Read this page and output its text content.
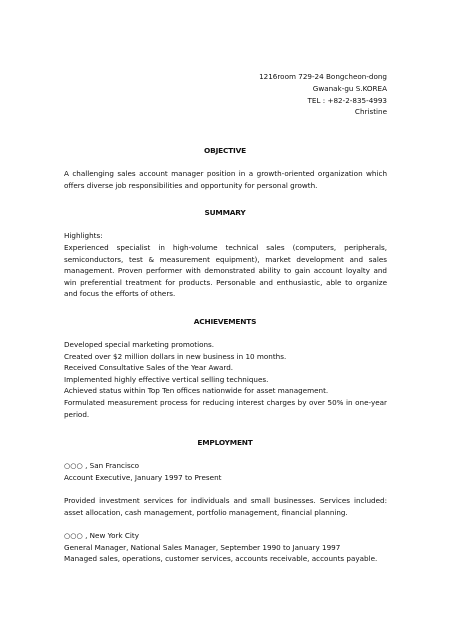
1216room 729-24 Bongcheon-dong
Gwanak-gu S.KOREA
TEL : +82-2-835-4993
Christine
OBJECTIVE
A challenging sales account manager position in a growth-oriented organization which offers diverse job responsibilities and opportunity for personal growth.
SUMMARY
Highlights:
Experienced specialist in high-volume technical sales (computers, peripherals, semiconductors, test & measurement equipment), market development and sales management. Proven performer with demonstrated ability to gain account loyalty and win preferential treatment for products. Personable and enthusiastic, able to organize and focus the efforts of others.
ACHIEVEMENTS
Developed special marketing promotions.
Created over $2 million dollars in new business in 10 months.
Received Consultative Sales of the Year Award.
Implemented highly effective vertical selling techniques.
Achieved status within Top Ten offices nationwide for asset management.
Formulated measurement process for reducing interest charges by over 50% in one-year period.
EMPLOYMENT
○○○ , San Francisco
Account Executive, January 1997 to Present
Provided investment services for individuals and small businesses. Services included: asset allocation, cash management, portfolio management, financial planning.
○○○ , New York City
General Manager, National Sales Manager, September 1990 to January 1997
Managed sales, operations, customer services, accounts receivable, accounts payable.
